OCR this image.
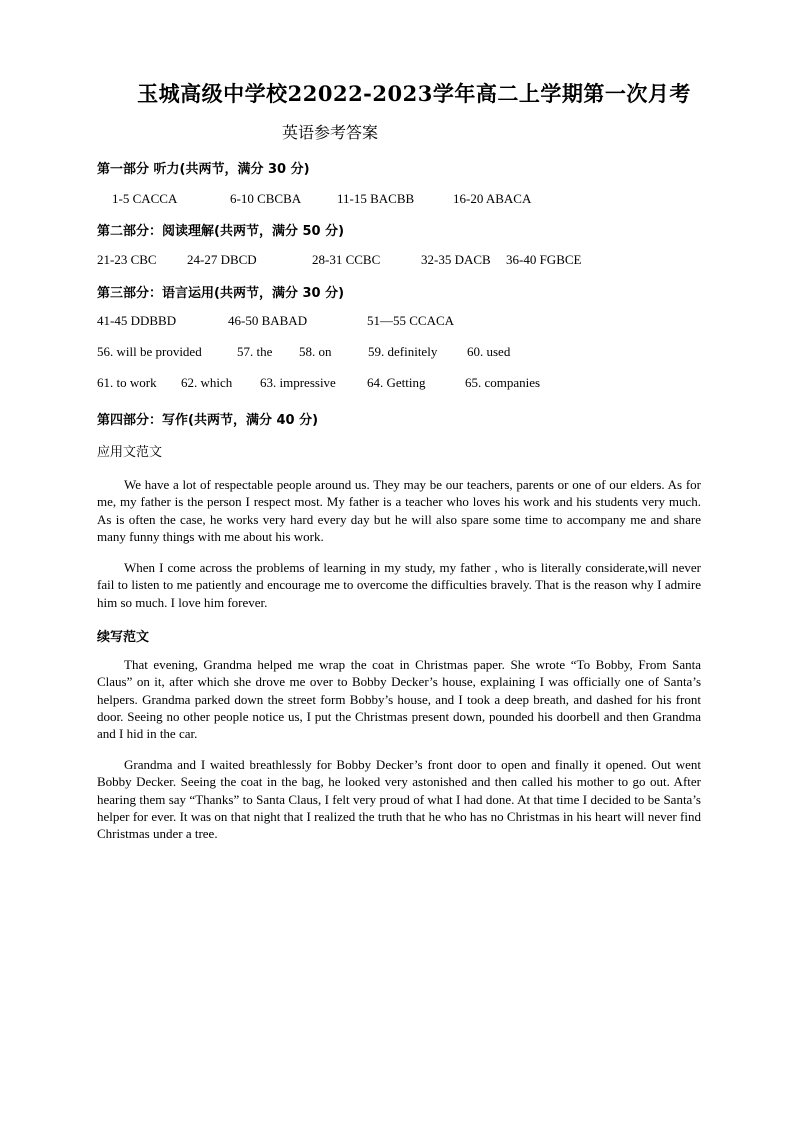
玉城高级中学校22022-2023学年高二上学期第一次月考
英语参考答案
第一部分 听力(共两节，满分 30 分)
1-5 CACCA	6-10 CBCBA	11-15 BACBB	16-20 ABACA
第二部分：阅读理解(共两节，满分 50 分)
21-23 CBC 24-27 DBCD	28-31 CCBC	32-35 DACB 36-40 FGBCE
第三部分：语言运用(共两节，满分 30 分)
41-45 DDBBD	46-50 BABAD	51—55 CCACA
56. will be provided	57. the 58. on	59. definitely 60. used
61. to work 62. which 63. impressive 64. Getting	65. companies
第四部分：写作(共两节，满分 40 分)
应用文范文

We have a lot of respectable people around us. They may be our teachers, parents or one of our elders. As for me, my father is the person I respect most. My father is a teacher who loves his work and his students very much. As is often the case, he works very hard every day but he will also spare some time to accompany me and share many funny things with me about his work.

When I come across the problems of learning in my study, my father , who is literally considerate,will never fail to listen to me patiently and encourage me to overcome the difficulties bravely. That is the reason why I admire him so much. I love him forever.

续写范文

That evening, Grandma helped me wrap the coat in Christmas paper. She wrote “To Bobby, From Santa Claus” on it, after which she drove me over to Bobby Decker’s house, explaining I was officially one of Santa’s helpers. Grandma parked down the street form Bobby’s house, and I took a deep breath, and dashed for his front door. Seeing no other people notice us, I put the Christmas present down, pounded his doorbell and then Grandma and I hid in the car.

Grandma and I waited breathlessly for Bobby Decker’s front door to open and finally it opened. Out went Bobby Decker. Seeing the coat in the bag, he looked very astonished and then called his mother to go out. After hearing them say “Thanks” to Santa Claus, I felt very proud of what I had done. At that time I decided to be Santa’s helper for ever. It was on that night that I realized the truth that he who has no Christmas in his heart will never find Christmas under a tree.
